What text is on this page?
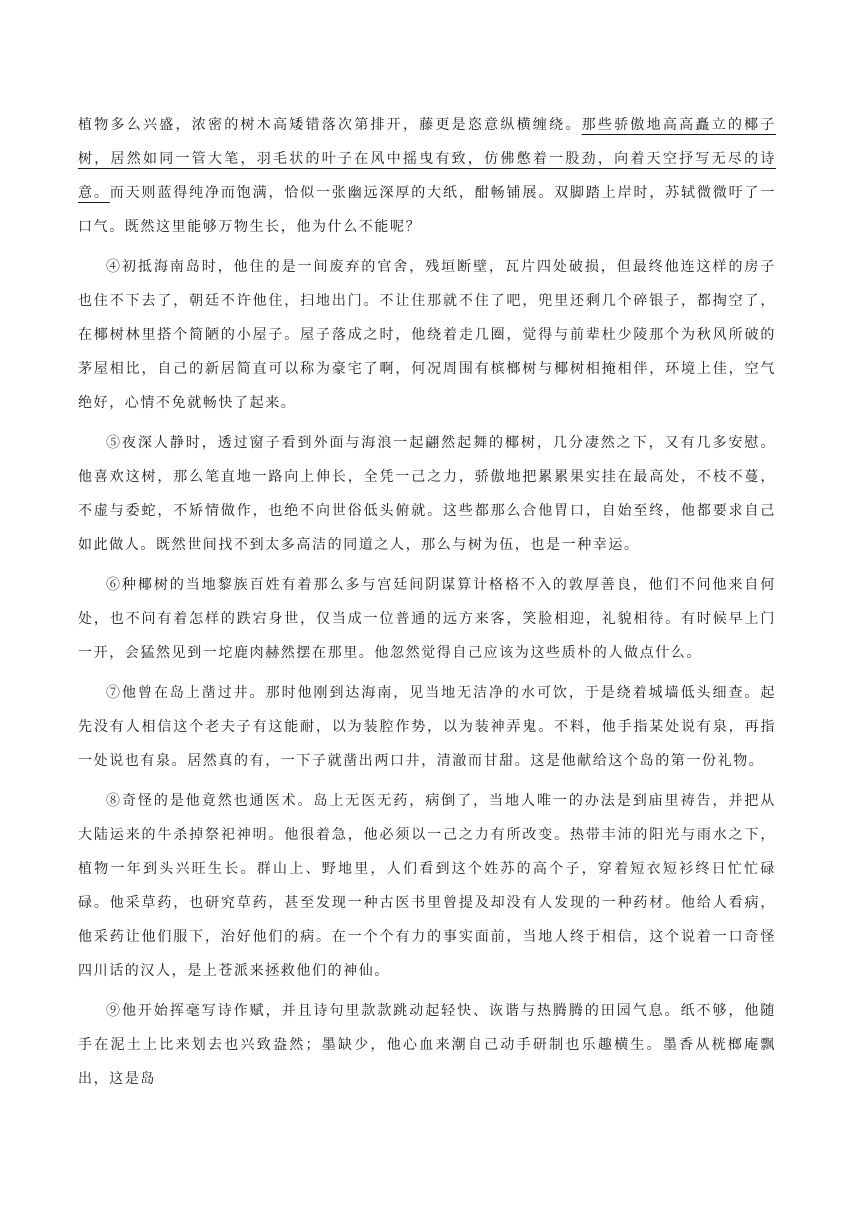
植物多么兴盛，浓密的树木高矮错落次第排开，藤更是恣意纵横缠绕。那些骄傲地高高矗立的椰子树，居然如同一管大笔，羽毛状的叶子在风中摇曳有致，仿佛憋着一股劲，向着天空抒写无尽的诗意。而天则蓝得纯净而饱满，恰似一张幽远深厚的大纸，酣畅铺展。双脚踏上岸时，苏轼微微吁了一口气。既然这里能够万物生长，他为什么不能呢？

④初抵海南岛时，他住的是一间废弃的官舍，残垣断壁，瓦片四处破损，但最终他连这样的房子也住不下去了，朝廷不许他住，扫地出门。不让住那就不住了吧，兜里还剩几个碎银子，都掏空了，在椰树林里搭个简陋的小屋子。屋子落成之时，他绕着走几圈，觉得与前辈杜少陵那个为秋风所破的茅屋相比，自己的新居简直可以称为豪宅了啊，何况周围有槟榔树与椰树相掩相伴，环境上佳，空气绝好，心情不免就畅快了起来。

⑤夜深人静时，透过窗子看到外面与海浪一起翩然起舞的椰树，几分凄然之下，又有几多安慰。他喜欢这树，那么笔直地一路向上伸长，全凭一己之力，骄傲地把累累果实挂在最高处，不枝不蔓，不虚与委蛇，不矫情做作，也绝不向世俗低头俯就。这些都那么合他胃口，自始至终，他都要求自己如此做人。既然世间找不到太多高洁的同道之人，那么与树为伍，也是一种幸运。

⑥种椰树的当地黎族百姓有着那么多与宫廷间阴谋算计格格不入的敦厚善良，他们不问他来自何处，也不问有着怎样的跌宕身世，仅当成一位普通的远方来客，笑脸相迎，礼貌相待。有时候早上门一开，会猛然见到一坨鹿肉赫然摆在那里。他忽然觉得自己应该为这些质朴的人做点什么。

⑦他曾在岛上凿过井。那时他刚到达海南，见当地无洁净的水可饮，于是绕着城墙低头细查。起先没有人相信这个老夫子有这能耐，以为装腔作势，以为装神弄鬼。不料，他手指某处说有泉，再指一处说也有泉。居然真的有，一下子就凿出两口井，清澈而甘甜。这是他献给这个岛的第一份礼物。

⑧奇怪的是他竟然也通医术。岛上无医无药，病倒了，当地人唯一的办法是到庙里祷告，并把从大陆运来的牛杀掉祭祀神明。他很着急，他必须以一己之力有所改变。热带丰沛的阳光与雨水之下，植物一年到头兴旺生长。群山上、野地里，人们看到这个姓苏的高个子，穿着短衣短衫终日忙忙碌碌。他采草药，也研究草药，甚至发现一种古医书里曾提及却没有人发现的一种药材。他给人看病，他采药让他们服下，治好他们的病。在一个个有力的事实面前，当地人终于相信，这个说着一口奇怪四川话的汉人，是上苍派来拯救他们的神仙。

⑨他开始挥毫写诗作赋，并且诗句里款款跳动起轻快、诙谐与热腾腾的田园气息。纸不够，他随手在泥土上比来划去也兴致盎然；墨缺少，他心血来潮自己动手研制也乐趣横生。墨香从桄榔庵飘出，这是岛
